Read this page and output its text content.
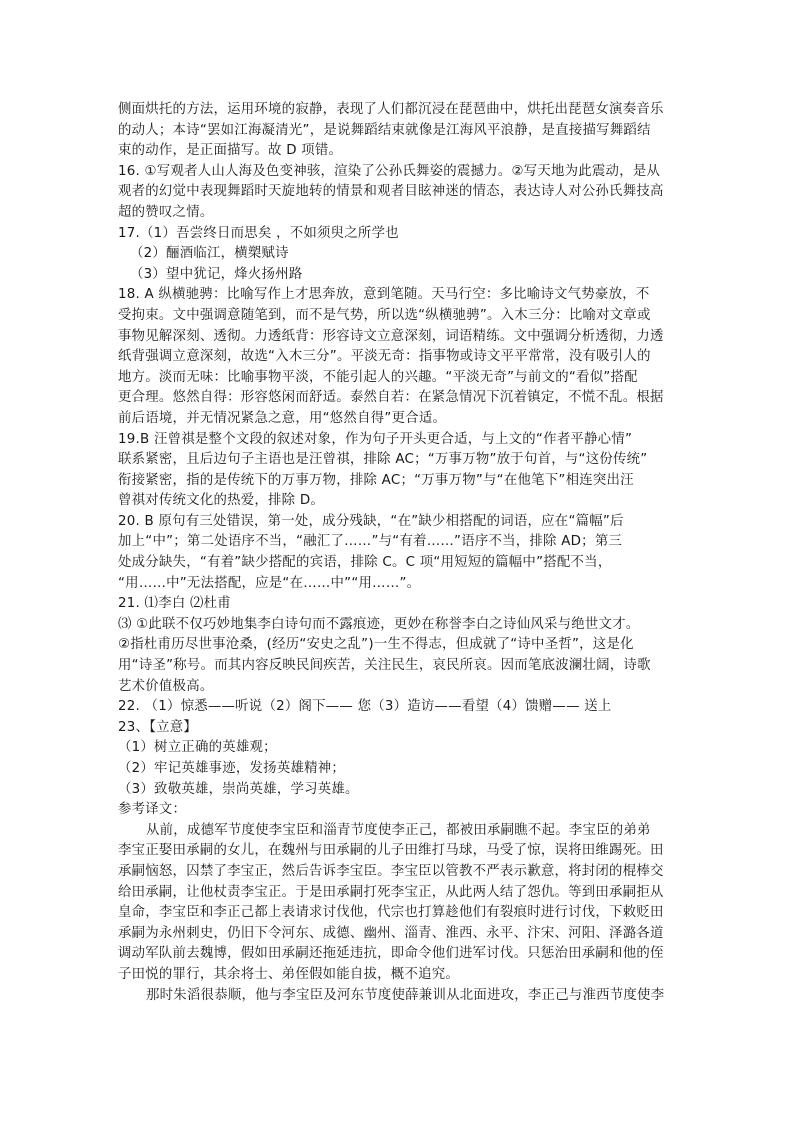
侧面烘托的方法，运用环境的寂静，表现了人们都沉浸在琵琶曲中，烘托出琵琶女演奏音乐

的动人；本诗“罢如江海凝清光”，是说舞蹈结束就像是江海风平浪静，是直接描写舞蹈结

束的动作，是正面描写。故 D 项错。

16. ①写观者人山人海及色变神骇，渲染了公孙氏舞姿的震撼力。②写天地为此震动，是从

观者的幻觉中表现舞蹈时天旋地转的情景和观者目眩神迷的情态，表达诗人对公孙氏舞技高

超的赞叹之情。

17.（1）吾尝终日而思矣 ，不如须臾之所学也

（2）酾酒临江，横槊赋诗

（3）望中犹记，烽火扬州路

18. A 纵横驰骋：比喻写作上才思奔放，意到笔随。天马行空：多比喻诗文气势豪放，不

受拘束。文中强调意随笔到，而不是气势，所以选“纵横驰骋”。入木三分：比喻对文章或

事物见解深刻、透彻。力透纸背：形容诗文立意深刻，词语精练。文中强调分析透彻，力透

纸背强调立意深刻，故选“入木三分”。平淡无奇：指事物或诗文平平常常，没有吸引人的

地方。淡而无味：比喻事物平淡，不能引起人的兴趣。“平淡无奇”与前文的“看似”搭配

更合理。悠然自得：形容悠闲而舒适。泰然自若：在紧急情况下沉着镇定，不慌不乱。根据

前后语境，并无情况紧急之意，用“悠然自得”更合适。

19.B 汪曾祺是整个文段的叙述对象，作为句子开头更合适，与上文的“作者平静心情”

联系紧密，且后边句子主语也是汪曾祺，排除 AC；“万事万物”放于句首，与“这份传统”

衔接紧密，指的是传统下的万事万物，排除 AC；“万事万物”与“在他笔下”相连突出汪

曾祺对传统文化的热爱，排除 D。

20. B 原句有三处错误，第一处，成分残缺，“在”缺少相搭配的词语，应在“篇幅”后

加上“中”；第二处语序不当，“融汇了……”与“有着……”语序不当，排除 AD；第三

处成分缺失，“有着”缺少搭配的宾语，排除 C。C 项“用短短的篇幅中”搭配不当，

“用……中”无法搭配，应是“在……中”“用……”。

21. ⑴李白 ⑵杜甫

⑶ ①此联不仅巧妙地集李白诗句而不露痕迹，更妙在称誉李白之诗仙风采与绝世文才。

②指杜甫历尽世事沧桑，(经历“安史之乱”)一生不得志，但成就了“诗中圣哲”，这是化

用“诗圣”称号。而其内容反映民间疾苦，关注民生，哀民所哀。因而笔底波澜壮阔，诗歌

艺术价值极高。

22. （1）惊悉——听说（2）阁下—— 您（3）造访——看望（4）馈赠—— 送上

23、【立意】

（1）树立正确的英雄观；

（2）牢记英雄事迹，发扬英雄精神；

（3）致敬英雄，崇尚英雄，学习英雄。

参考译文：

从前，成德军节度使李宝臣和淄青节度使李正己，都被田承嗣瞧不起。李宝臣的弟弟

李宝正娶田承嗣的女儿，在魏州与田承嗣的儿子田维打马球，马受了惊，误将田维踢死。田

承嗣恼怒，囚禁了李宝正，然后告诉李宝臣。李宝臣以管教不严表示歉意，将封闭的棍棒交

给田承嗣，让他杖责李宝正。于是田承嗣打死李宝正，从此两人结了怨仇。等到田承嗣拒从

皇命，李宝臣和李正己都上表请求讨伐他，代宗也打算趁他们有裂痕时进行讨伐，下敕贬田

承嗣为永州刺史，仍旧下令河东、成德、幽州、淄青、淮西、永平、汴宋、河阳、泽潞各道

调动军队前去魏博，假如田承嗣还拖延违抗，即命令他们进军讨伐。只惩治田承嗣和他的侄

子田悦的罪行，其余将士、弟侄假如能自拔，概不追究。

那时朱滔很恭顺，他与李宝臣及河东节度使薛兼训从北面进攻，李正己与淮西节度使李
